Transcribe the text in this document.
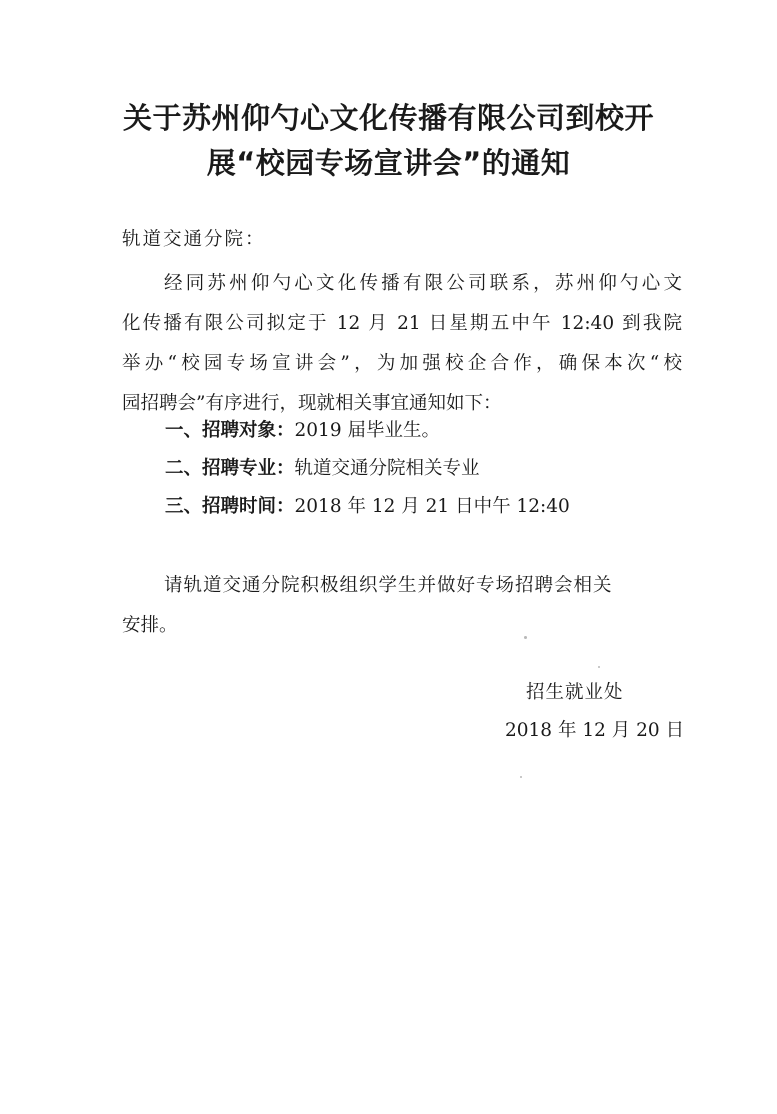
关于苏州仰勺心文化传播有限公司到校开
展“校园专场宣讲会”的通知
轨道交通分院：
经同苏州仰勺心文化传播有限公司联系，苏州仰勺心文
化传播有限公司拟定于 12 月 21 日星期五中午 12:40 到我院
举办“校园专场宣讲会”，为加强校企合作，确保本次“校
园招聘会”有序进行，现就相关事宜通知如下：
一、招聘对象：2019 届毕业生。
二、招聘专业：轨道交通分院相关专业
三、招聘时间：2018 年 12 月 21 日中午 12:40
请轨道交通分院积极组织学生并做好专场招聘会相关
安排。
招生就业处
2018 年 12 月 20 日
